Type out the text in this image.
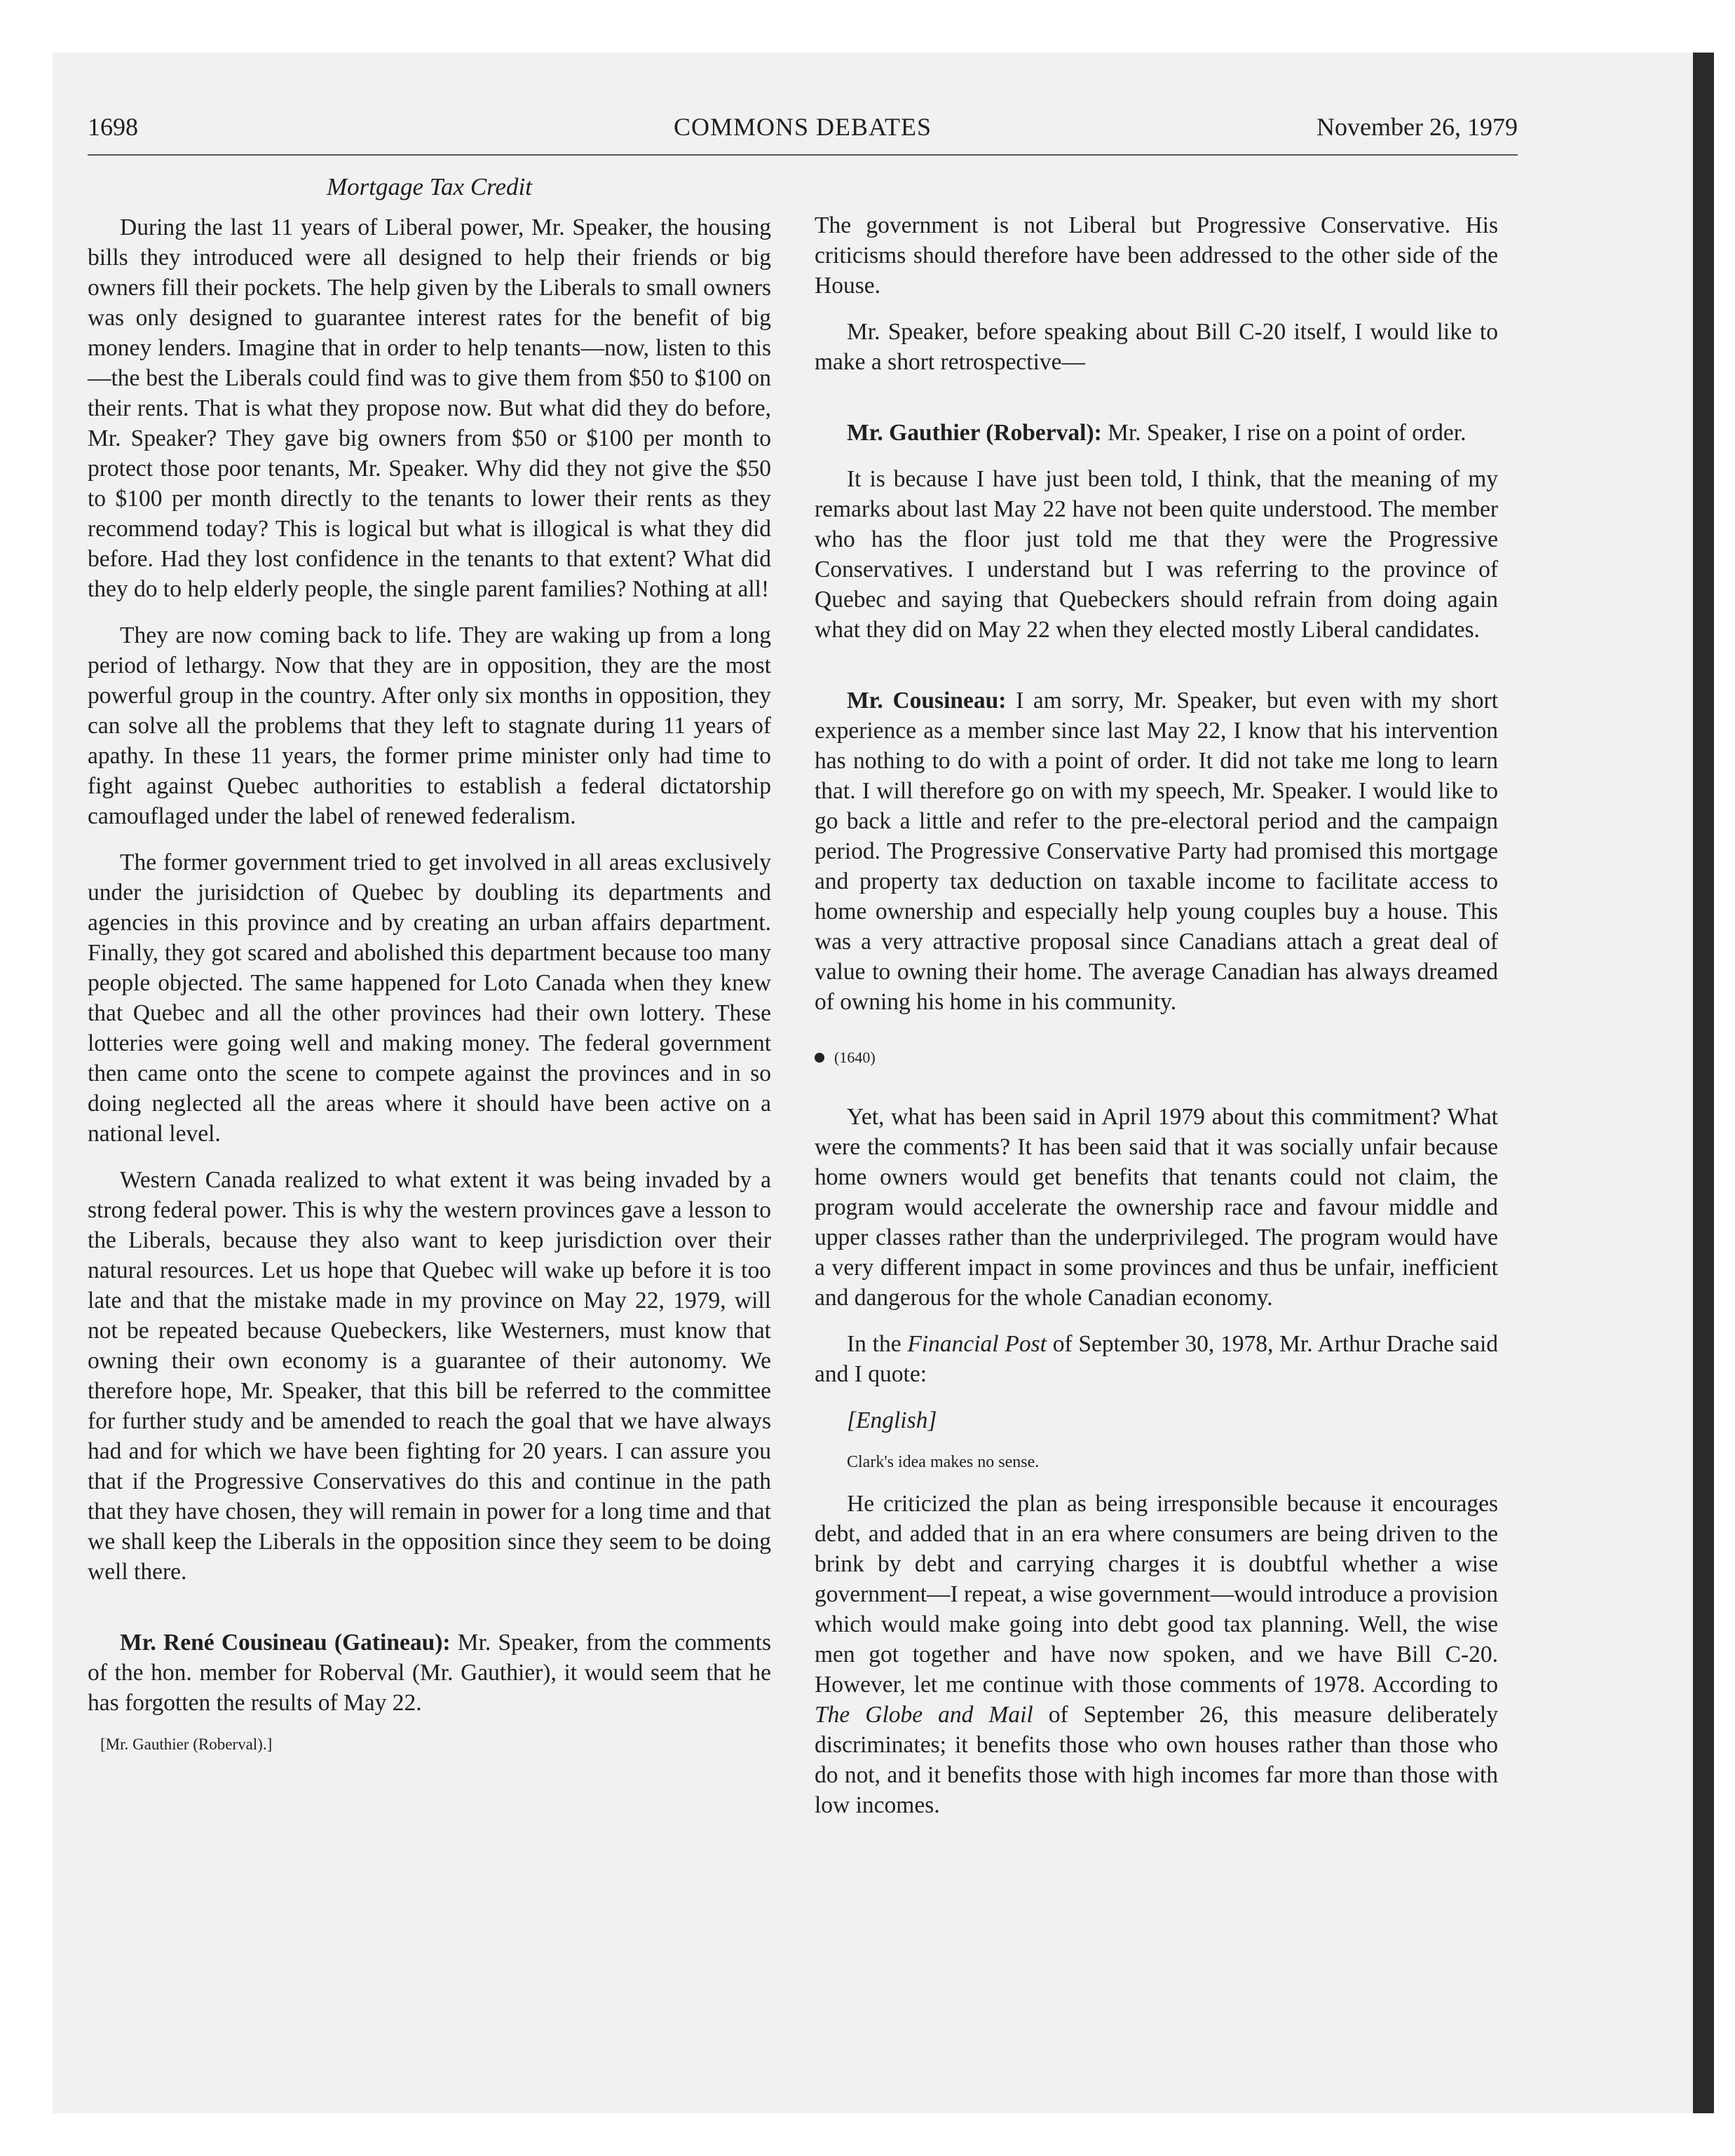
1698	COMMONS DEBATES	November 26, 1979
Mortgage Tax Credit

During the last 11 years of Liberal power, Mr. Speaker, the housing bills they introduced were all designed to help their friends or big owners fill their pockets. The help given by the Liberals to small owners was only designed to guarantee interest rates for the benefit of big money lenders. Imagine that in order to help tenants—now, listen to this—the best the Liberals could find was to give them from $50 to $100 on their rents. That is what they propose now. But what did they do before, Mr. Speaker? They gave big owners from $50 or $100 per month to protect those poor tenants, Mr. Speaker. Why did they not give the $50 to $100 per month directly to the tenants to lower their rents as they recommend today? This is logical but what is illogical is what they did before. Had they lost confidence in the tenants to that extent? What did they do to help elderly people, the single parent families? Nothing at all!

They are now coming back to life. They are waking up from a long period of lethargy. Now that they are in opposition, they are the most powerful group in the country. After only six months in opposition, they can solve all the problems that they left to stagnate during 11 years of apathy. In these 11 years, the former prime minister only had time to fight against Quebec authorities to establish a federal dictatorship camouflaged under the label of renewed federalism.

The former government tried to get involved in all areas exclusively under the jurisidction of Quebec by doubling its departments and agencies in this province and by creating an urban affairs department. Finally, they got scared and abolished this department because too many people objected. The same happened for Loto Canada when they knew that Quebec and all the other provinces had their own lottery. These lotteries were going well and making money. The federal government then came onto the scene to compete against the provinces and in so doing neglected all the areas where it should have been active on a national level.

Western Canada realized to what extent it was being invaded by a strong federal power. This is why the western provinces gave a lesson to the Liberals, because they also want to keep jurisdiction over their natural resources. Let us hope that Quebec will wake up before it is too late and that the mistake made in my province on May 22, 1979, will not be repeated because Quebeckers, like Westerners, must know that owning their own economy is a guarantee of their autonomy. We therefore hope, Mr. Speaker, that this bill be referred to the committee for further study and be amended to reach the goal that we have always had and for which we have been fighting for 20 years. I can assure you that if the Progressive Conservatives do this and continue in the path that they have chosen, they will remain in power for a long time and that we shall keep the Liberals in the opposition since they seem to be doing well there.

Mr. René Cousineau (Gatineau): Mr. Speaker, from the comments of the hon. member for Roberval (Mr. Gauthier), it would seem that he has forgotten the results of May 22.

[Mr. Gauthier (Roberval).]

The government is not Liberal but Progressive Conservative. His criticisms should therefore have been addressed to the other side of the House.

Mr. Speaker, before speaking about Bill C-20 itself, I would like to make a short retrospective—

Mr. Gauthier (Roberval): Mr. Speaker, I rise on a point of order.

It is because I have just been told, I think, that the meaning of my remarks about last May 22 have not been quite understood. The member who has the floor just told me that they were the Progressive Conservatives. I understand but I was referring to the province of Quebec and saying that Quebeckers should refrain from doing again what they did on May 22 when they elected mostly Liberal candidates.

Mr. Cousineau: I am sorry, Mr. Speaker, but even with my short experience as a member since last May 22, I know that his intervention has nothing to do with a point of order. It did not take me long to learn that. I will therefore go on with my speech, Mr. Speaker. I would like to go back a little and refer to the pre-electoral period and the campaign period. The Progressive Conservative Party had promised this mortgage and property tax deduction on taxable income to facilitate access to home ownership and especially help young couples buy a house. This was a very attractive proposal since Canadians attach a great deal of value to owning their home. The average Canadian has always dreamed of owning his home in his community.

(1640)

Yet, what has been said in April 1979 about this commitment? What were the comments? It has been said that it was socially unfair because home owners would get benefits that tenants could not claim, the program would accelerate the ownership race and favour middle and upper classes rather than the underprivileged. The program would have a very different impact in some provinces and thus be unfair, inefficient and dangerous for the whole Canadian economy.

In the Financial Post of September 30, 1978, Mr. Arthur Drache said and I quote:

[English]

Clark's idea makes no sense.

He criticized the plan as being irresponsible because it encourages debt, and added that in an era where consumers are being driven to the brink by debt and carrying charges it is doubtful whether a wise government—I repeat, a wise government—would introduce a provision which would make going into debt good tax planning. Well, the wise men got together and have now spoken, and we have Bill C-20. However, let me continue with those comments of 1978. According to The Globe and Mail of September 26, this measure deliberately discriminates; it benefits those who own houses rather than those who do not, and it benefits those with high incomes far more than those with low incomes.
